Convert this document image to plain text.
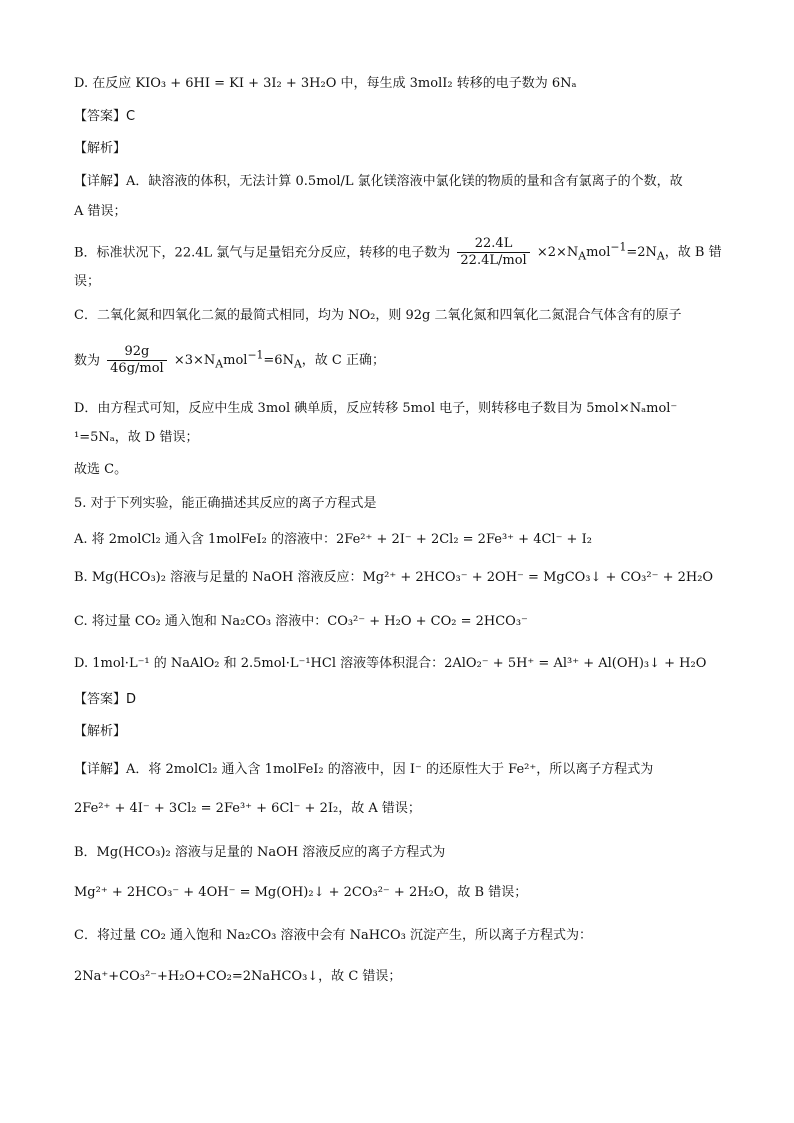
D. 在反应 KIO₃ + 6HI = KI + 3I₂ + 3H₂O 中，每生成 3molI₂ 转移的电子数为 6Nₐ
【答案】C
【解析】
【详解】A．缺溶液的体积，无法计算 0.5mol/L 氯化镁溶液中氯化镁的物质的量和含有氯离子的个数，故
A 错误；
B．标准状况下，22.4L 氯气与足量铝充分反应，转移的电子数为 $\frac{22.4L}{\text{22.4L/mol}} \times 2\times N_Amol^{-1}=2N_A$，故 B 错
误；
C．二氧化氮和四氧化二氮的最简式相同，均为 NO₂，则 92g 二氧化氮和四氧化二氮混合气体含有的原子
数为 $\frac{92g}{\text{46g/mol}} \times 3\times N_Amol^{-1}=6N_A$，故 C 正确；
D．由方程式可知，反应中生成 3mol 碘单质，反应转移 5mol 电子，则转移电子数目为 5mol×Nₐmol⁻
¹=5Nₐ，故 D 错误；
故选 C。
5. 对于下列实验，能正确描述其反应的离子方程式是
A. 将 2molCl₂ 通入含 1molFeI₂ 的溶液中：2Fe²⁺ + 2I⁻ + 2Cl₂ = 2Fe³⁺ + 4Cl⁻ + I₂
B. Mg(HCO₃)₂ 溶液与足量的 NaOH 溶液反应：Mg²⁺ + 2HCO₃⁻ + 2OH⁻ = MgCO₃↓ + CO₃²⁻ + 2H₂O
C. 将过量 CO₂ 通入饱和 Na₂CO₃ 溶液中：CO₃²⁻ + H₂O + CO₂ = 2HCO₃⁻
D. 1mol·L⁻¹ 的 NaAlO₂ 和 2.5mol·L⁻¹HCl 溶液等体积混合：2AlO₂⁻ + 5H⁺ = Al³⁺ + Al(OH)₃↓ + H₂O
【答案】D
【解析】
【详解】A．将 2molCl₂ 通入含 1molFeI₂ 的溶液中，因 I⁻ 的还原性大于 Fe²⁺，所以离子方程式为
2Fe²⁺ + 4I⁻ + 3Cl₂ = 2Fe³⁺ + 6Cl⁻ + 2I₂，故 A 错误；
B．Mg(HCO₃)₂ 溶液与足量的 NaOH 溶液反应的离子方程式为
Mg²⁺ + 2HCO₃⁻ + 4OH⁻ = Mg(OH)₂↓ + 2CO₃²⁻ + 2H₂O，故 B 错误；
C．将过量 CO₂ 通入饱和 Na₂CO₃ 溶液中会有 NaHCO₃ 沉淀产生，所以离子方程式为：
2Na⁺+CO₃²⁻+H₂O+CO₂=2NaHCO₃↓，故 C 错误；
